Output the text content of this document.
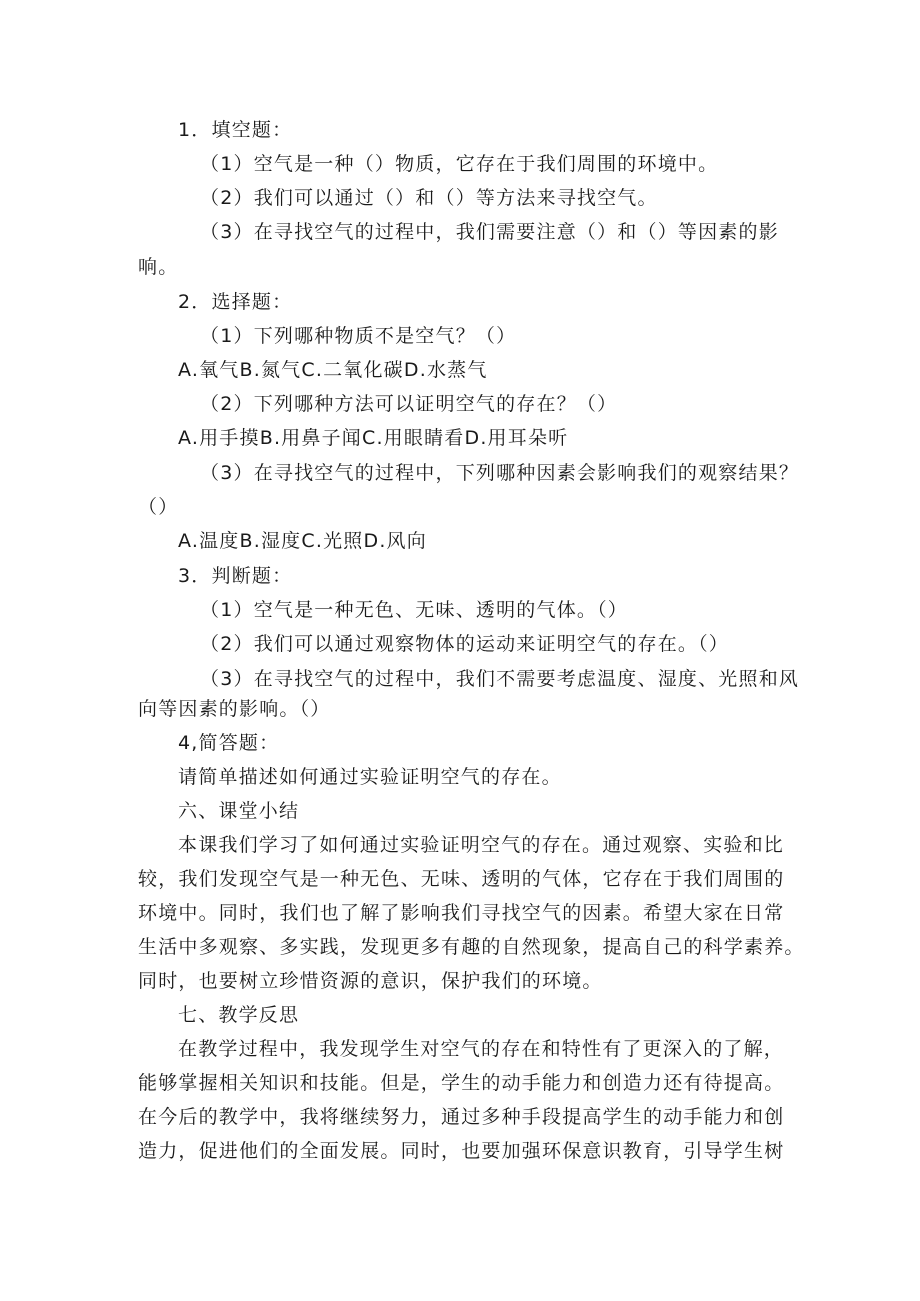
1．填空题：
（1）空气是一种（）物质，它存在于我们周围的环境中。
（2）我们可以通过（）和（）等方法来寻找空气。
（3）在寻找空气的过程中，我们需要注意（）和（）等因素的影
响。
2．选择题：
（1）下列哪种物质不是空气？（）
A.氧气B.氮气C.二氧化碳D.水蒸气
（2）下列哪种方法可以证明空气的存在？（）
A.用手摸B.用鼻子闻C.用眼睛看D.用耳朵听
（3）在寻找空气的过程中，下列哪种因素会影响我们的观察结果？
（）
A.温度B.湿度C.光照D.风向
3．判断题：
（1）空气是一种无色、无味、透明的气体。（）
（2）我们可以通过观察物体的运动来证明空气的存在。（）
（3）在寻找空气的过程中，我们不需要考虑温度、湿度、光照和风
向等因素的影响。（）
4,简答题：
请简单描述如何通过实验证明空气的存在。
六、课堂小结
本课我们学习了如何通过实验证明空气的存在。通过观察、实验和比
较，我们发现空气是一种无色、无味、透明的气体，它存在于我们周围的
环境中。同时，我们也了解了影响我们寻找空气的因素。希望大家在日常
生活中多观察、多实践，发现更多有趣的自然现象，提高自己的科学素养。
同时，也要树立珍惜资源的意识，保护我们的环境。
七、教学反思
在教学过程中，我发现学生对空气的存在和特性有了更深入的了解，
能够掌握相关知识和技能。但是，学生的动手能力和创造力还有待提高。
在今后的教学中，我将继续努力，通过多种手段提高学生的动手能力和创
造力，促进他们的全面发展。同时，也要加强环保意识教育，引导学生树
